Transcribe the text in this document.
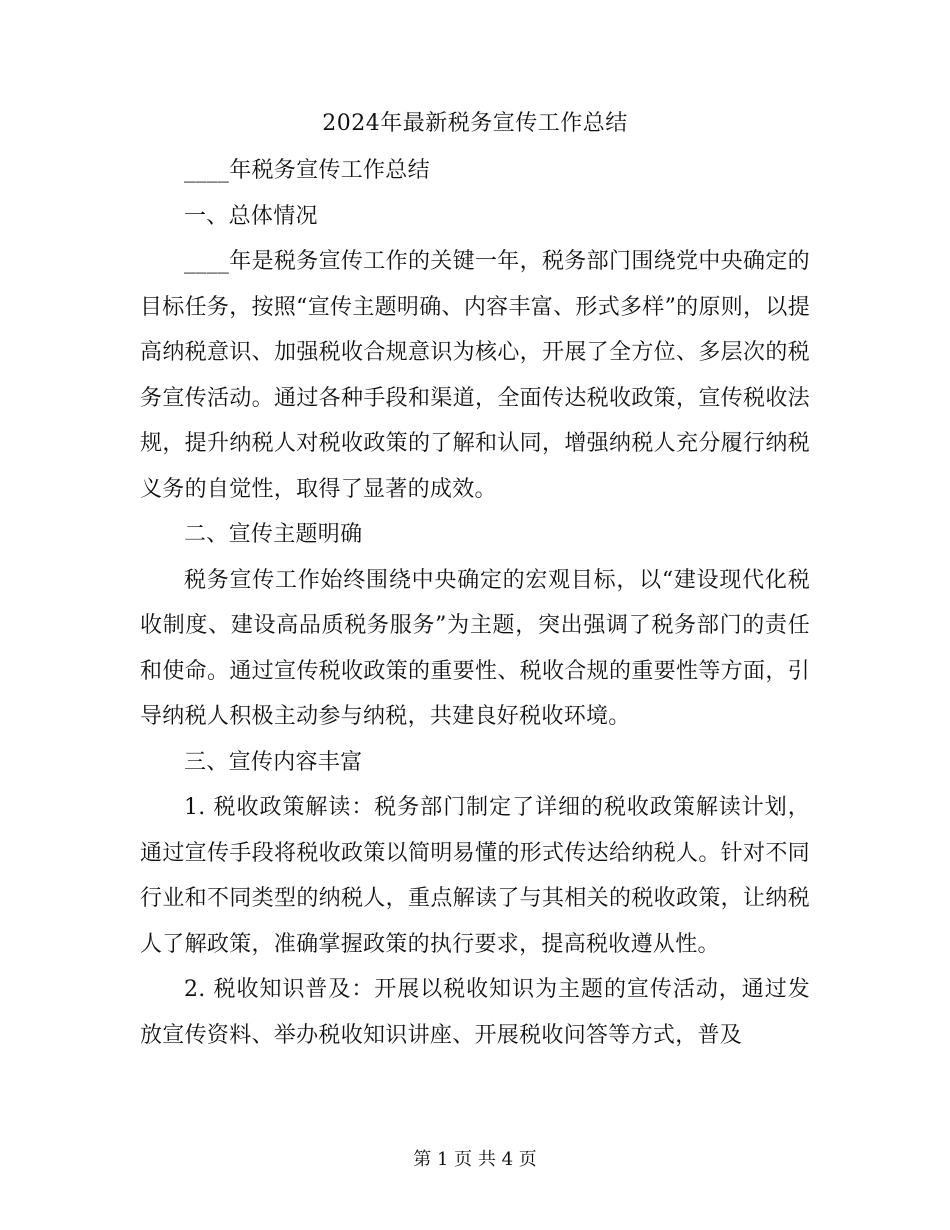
2024年最新税务宣传工作总结

____年税务宣传工作总结

一、总体情况

____年是税务宣传工作的关键一年，税务部门围绕党中央确定的目标任务，按照“宣传主题明确、内容丰富、形式多样”的原则，以提高纳税意识、加强税收合规意识为核心，开展了全方位、多层次的税务宣传活动。通过各种手段和渠道，全面传达税收政策，宣传税收法规，提升纳税人对税收政策的了解和认同，增强纳税人充分履行纳税义务的自觉性，取得了显著的成效。

二、宣传主题明确

税务宣传工作始终围绕中央确定的宏观目标，以“建设现代化税收制度、建设高品质税务服务”为主题，突出强调了税务部门的责任和使命。通过宣传税收政策的重要性、税收合规的重要性等方面，引导纳税人积极主动参与纳税，共建良好税收环境。

三、宣传内容丰富

1. 税收政策解读：税务部门制定了详细的税收政策解读计划，通过宣传手段将税收政策以简明易懂的形式传达给纳税人。针对不同行业和不同类型的纳税人，重点解读了与其相关的税收政策，让纳税人了解政策，准确掌握政策的执行要求，提高税收遵从性。

2. 税收知识普及：开展以税收知识为主题的宣传活动，通过发放宣传资料、举办税收知识讲座、开展税收问答等方式，普及

第 1 页 共 4 页
